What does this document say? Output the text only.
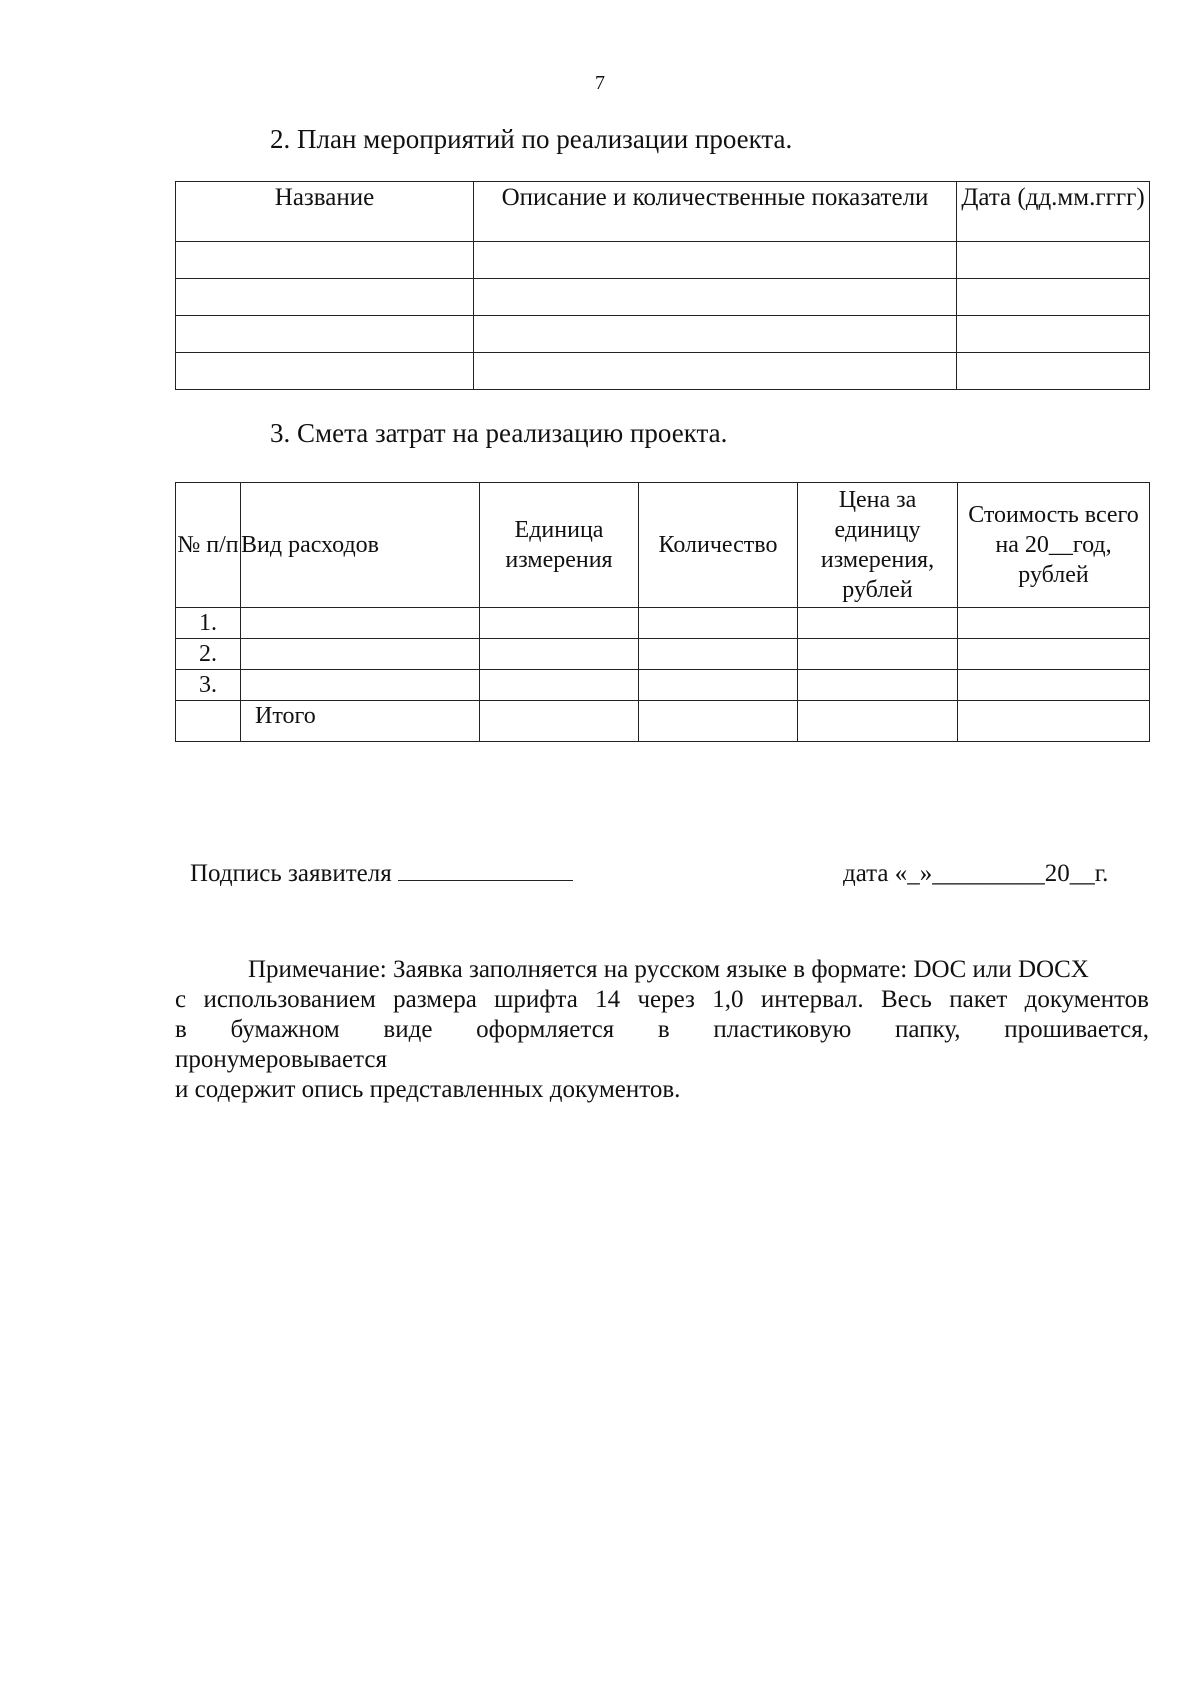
7
2. План мероприятий по реализации проекта.
Название	Описание и количественные показатели	Дата (дд.мм.гггг)

3. Смета затрат на реализацию проекта.
№ п/п	Вид расходов	Единица измерения	Количество	Цена за единицу измерения, рублей	Стоимость всего на 20__год, рублей
1.					
2.					
3.					
	Итого				
Подпись заявителя	дата «_»_________20__г.

Примечание: Заявка заполняется на русском языке в формате: DOC или DOCX

с использованием размера шрифта 14 через 1,0 интервал. Весь пакет документов

в бумажном виде оформляется в пластиковую папку, прошивается,

пронумеровывается

и содержит опись представленных документов.
